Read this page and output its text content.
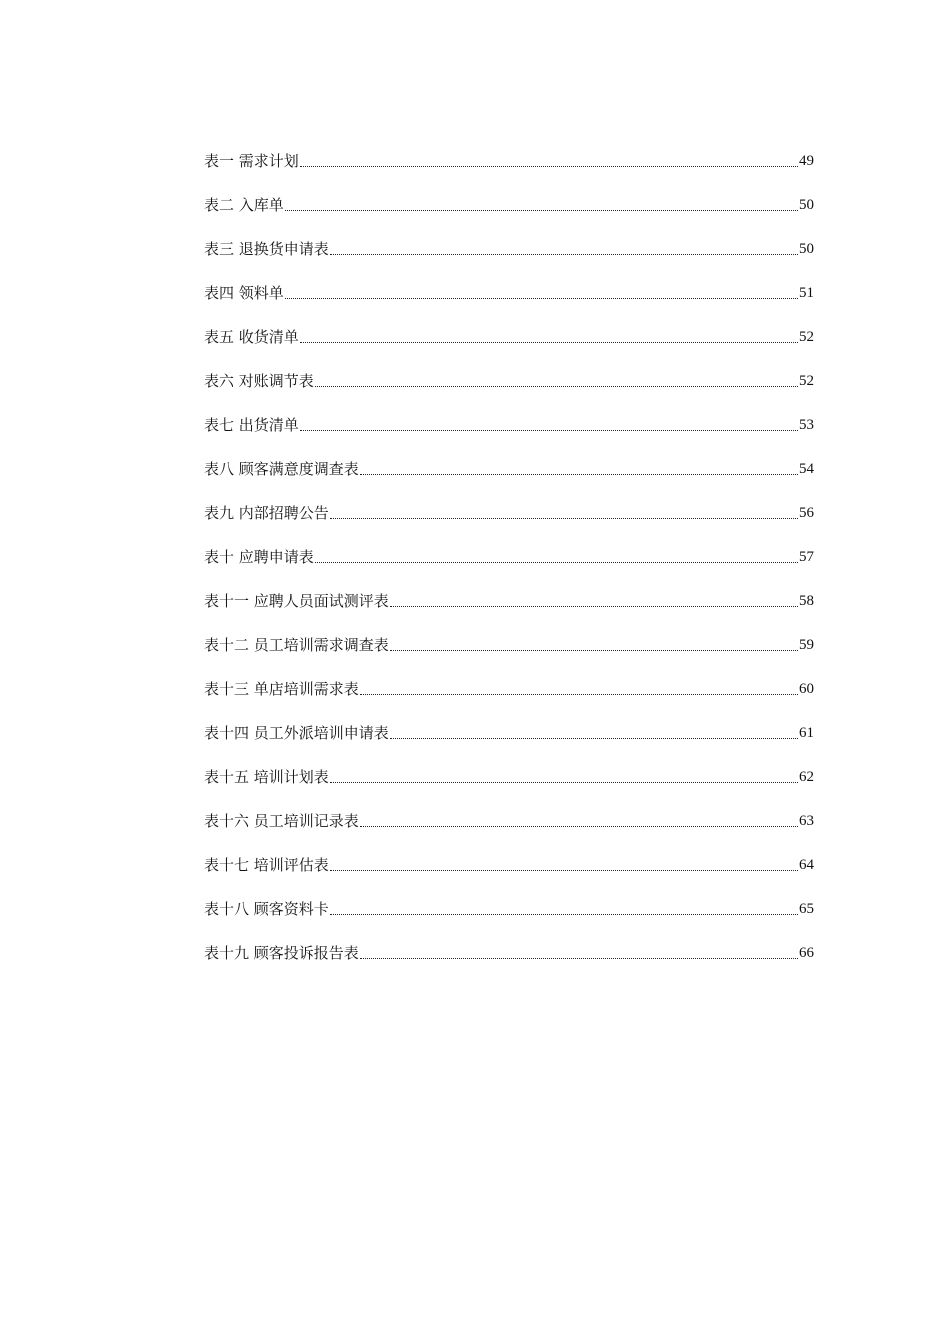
表一 需求计划	49
表二 入库单	50
表三 退换货申请表	50
表四 领料单	51
表五 收货清单	52
表六 对账调节表	52
表七 出货清单	53
表八 顾客满意度调查表	54
表九 内部招聘公告	56
表十 应聘申请表	57
表十一 应聘人员面试测评表	58
表十二 员工培训需求调查表	59
表十三 单店培训需求表	60
表十四 员工外派培训申请表	61
表十五 培训计划表	62
表十六 员工培训记录表	63
表十七 培训评估表	64
表十八 顾客资料卡	65
表十九 顾客投诉报告表	66
